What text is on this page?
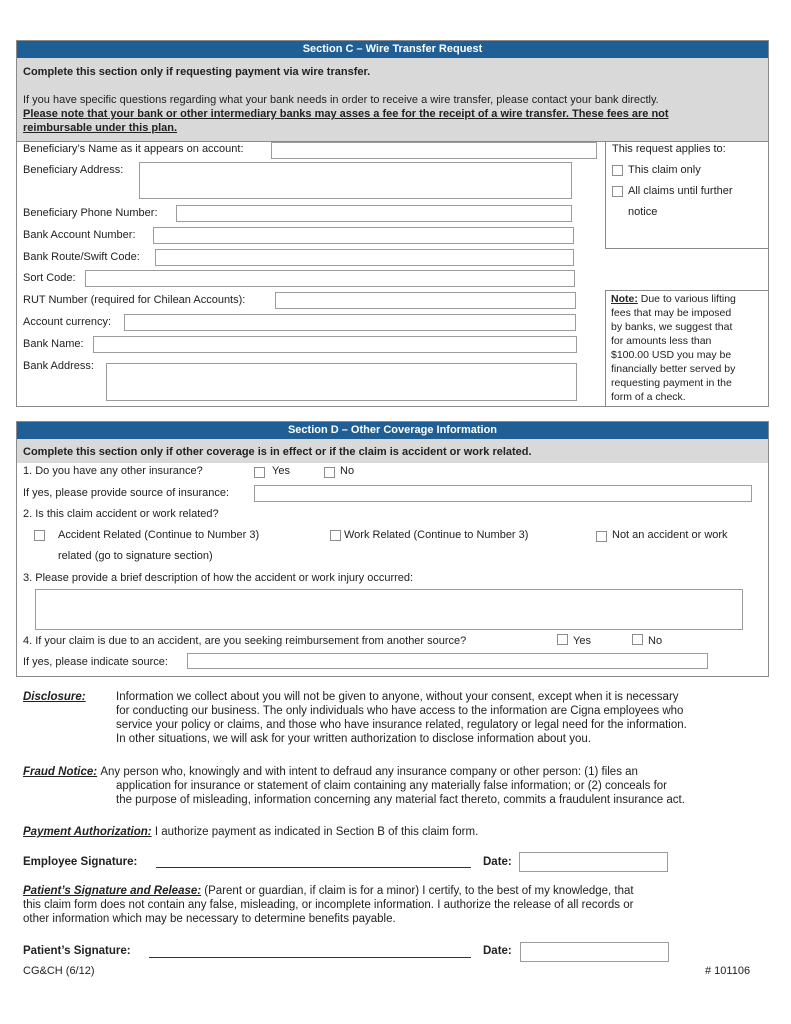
Section C – Wire Transfer Request
Complete this section only if requesting payment via wire transfer.
If you have specific questions regarding what your bank needs in order to receive a wire transfer, please contact your bank directly.
Please note that your bank or other intermediary banks may asses a fee for the receipt of a wire transfer. These fees are not
reimbursable under this plan.
Beneficiary’s Name as it appears on account:
Beneficiary Address:
Beneficiary Phone Number:
Bank Account Number:
Bank Route/Swift Code:
Sort Code:
RUT Number (required for Chilean Accounts):
Account currency:
Bank Name:
Bank Address:
This request applies to:
This claim only
All claims until further
notice
Note: Due to various lifting
fees that may be imposed
by banks, we suggest that
for amounts less than
$100.00 USD you may be
financially better served by
requesting payment in the
form of a check.
Section D – Other Coverage Information
Complete this section only if other coverage is in effect or if the claim is accident or work related.
1. Do you have any other insurance?	Yes	No
If yes, please provide source of insurance:
2. Is this claim accident or work related?
Accident Related (Continue to Number 3)	Work Related (Continue to Number 3)	Not an accident or work
related (go to signature section)
3. Please provide a brief description of how the accident or work injury occurred:
4. If your claim is due to an accident, are you seeking reimbursement from another source?	Yes	No
If yes, please indicate source:
Disclosure:	Information we collect about you will not be given to anyone, without your consent, except when it is necessary
for conducting our business. The only individuals who have access to the information are Cigna employees who
service your policy or claims, and those who have insurance related, regulatory or legal need for the information.
In other situations, we will ask for your written authorization to disclose information about you.
Fraud Notice: Any person who, knowingly and with intent to defraud any insurance company or other person: (1) files an
application for insurance or statement of claim containing any materially false information; or (2) conceals for
the purpose of misleading, information concerning any material fact thereto, commits a fraudulent insurance act.
Payment Authorization: I authorize payment as indicated in Section B of this claim form.
Employee Signature:	Date:
Patient’s Signature and Release: (Parent or guardian, if claim is for a minor) I certify, to the best of my knowledge, that
this claim form does not contain any false, misleading, or incomplete information. I authorize the release of all records or
other information which may be necessary to determine benefits payable.
Patient’s Signature:	Date:
CG&CH (6/12)	# 101106
